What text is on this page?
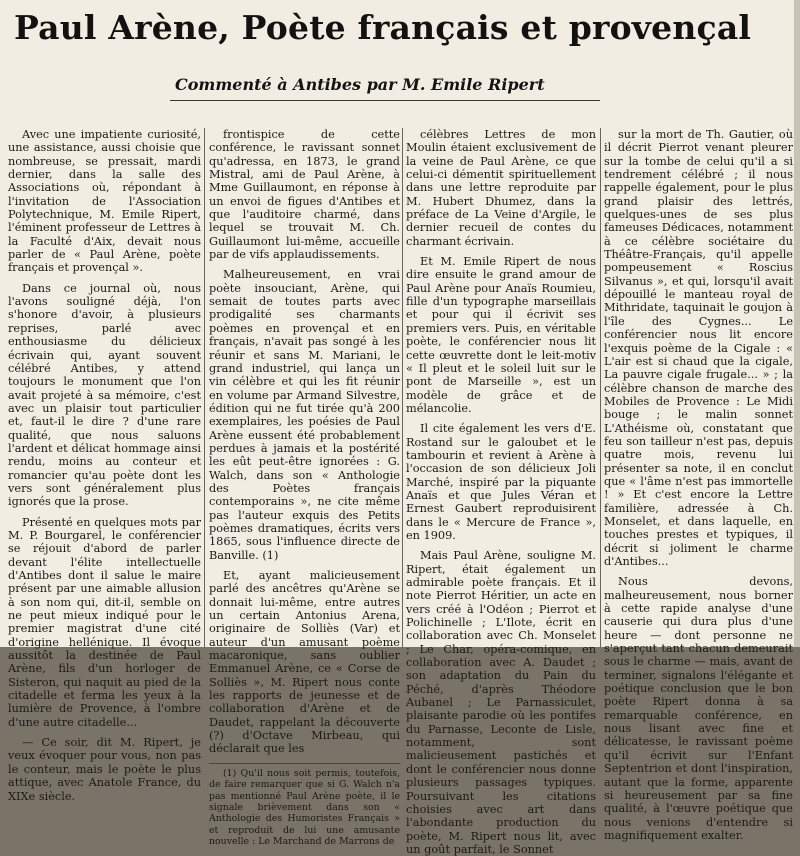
Paul Arène, Poète français et provençal
Commenté à Antibes par M. Emile Ripert

Avec une impatiente curiosité, une assistance, aussi choisie que nombreuse, se pressait, mardi dernier, dans la salle des Associations où, répondant à l'invitation de l'Association Polytechnique, M. Emile Ripert, l'éminent professeur de Lettres à la Faculté d'Aix, devait nous parler de « Paul Arène, poète français et provençal ».

Dans ce journal où, nous l'avons souligné déjà, l'on s'honore d'avoir, à plusieurs reprises, parlé avec enthousiasme du délicieux écrivain qui, ayant souvent célébré Antibes, y attend toujours le monument que l'on avait projeté à sa mémoire, c'est avec un plaisir tout particulier et, faut-il le dire ? d'une rare qualité, que nous saluons l'ardent et délicat hommage ainsi rendu, moins au conteur et romancier qu'au poète dont les vers sont généralement plus ignorés que la prose.

Présenté en quelques mots par M. P. Bourgarel, le conférencier se réjouit d'abord de parler devant l'élite intellectuelle d'Antibes dont il salue le maire présent par une aimable allusion à son nom qui, dit-il, semble on ne peut mieux indiqué pour le premier magistrat d'une cité d'origine hellénique. Il évoque aussitôt la destinée de Paul Arène, fils d'un horloger de Sisteron, qui naquit au pied de la citadelle et ferma les yeux à la lumière de Provence, à l'ombre d'une autre citadelle...

— Ce soir, dit M. Ripert, je veux évoquer pour vous, non pas le conteur, mais le poète le plus attique, avec Anatole France, du XIXe siècle.

frontispice de cette conférence, le ravissant sonnet qu'adressa, en 1873, le grand Mistral, ami de Paul Arène, à Mme Guillaumont, en réponse à un envoi de figues d'Antibes et que l'auditoire charmé, dans lequel se trouvait M. Ch. Guillaumont lui-même, accueille par de vifs applaudissements.

Malheureusement, en vrai poète insouciant, Arène, qui semait de toutes parts avec prodigalité ses charmants poèmes en provençal et en français, n'avait pas songé à les réunir et sans M. Mariani, le grand industriel, qui lança un vin célèbre et qui les fit réunir en volume par Armand Silvestre, édition qui ne fut tirée qu'à 200 exemplaires, les poésies de Paul Arène eussent été probablement perdues à jamais et la postérité les eût peut-être ignorées : G. Walch, dans son « Anthologie des Poètes français contemporains », ne cite même pas l'auteur exquis des Petits poèmes dramatiques, écrits vers 1865, sous l'influence directe de Banville. (1)

Et, ayant malicieusement parlé des ancêtres qu'Arène se donnait lui-même, entre autres un certain Antonius Arena, originaire de Solliès (Var) et auteur d'un amusant poème macaronique, sans oublier Emmanuel Arène, ce « Corse de Solliès », M. Ripert nous conte les rapports de jeunesse et de collaboration d'Arène et de Daudet, rappelant la découverte (?) d'Octave Mirbeau, qui déclarait que les

(1) Qu'il nous soit permis, toutefois, de faire remarquer que si G. Walch n'a pas mentionné Paul Arène poète, il le signale brièvement dans son « Anthologie des Humoristes Français » et reproduit de lui une amusante nouvelle : Le Marchand de Marrons de

célèbres Lettres de mon Moulin étaient exclusivement de la veine de Paul Arène, ce que celui-ci démentit spirituellement dans une lettre reproduite par M. Hubert Dhumez, dans la préface de La Veine d'Argile, le dernier recueil de contes du charmant écrivain.

Et M. Emile Ripert de nous dire ensuite le grand amour de Paul Arène pour Anaïs Roumieu, fille d'un typographe marseillais et pour qui il écrivit ses premiers vers. Puis, en véritable poète, le conférencier nous lit cette œuvrette dont le leit-motiv « Il pleut et le soleil luit sur le pont de Marseille », est un modèle de grâce et de mélancolie.

Il cite également les vers d'E. Rostand sur le galoubet et le tambourin et revient à Arène à l'occasion de son délicieux Joli Marché, inspiré par la piquante Anaïs et que Jules Véran et Ernest Gaubert reproduisirent dans le « Mercure de France », en 1909.

Mais Paul Arène, souligne M. Ripert, était également un admirable poète français. Et il note Pierrot Héritier, un acte en vers créé à l'Odéon ; Pierrot et Polichinelle ; L'Ilote, écrit en collaboration avec Ch. Monselet ; Le Char, opéra-comique, en collaboration avec A. Daudet ; son adaptation du Pain du Péché, d'après Théodore Aubanel ; Le Parnassiculet, plaisante parodie où les pontifes du Parnasse, Leconte de Lisle, notamment, sont malicieusement pastichés et dont le conférencier nous donne plusieurs passages typiques. Poursuivant les citations choisies avec art dans l'abondante production du poète, M. Ripert nous lit, avec un goût parfait, le Sonnet

sur la mort de Th. Gautier, où il décrit Pierrot venant pleurer sur la tombe de celui qu'il a si tendrement célébré ; il nous rappelle également, pour le plus grand plaisir des lettrés, quelques-unes de ses plus fameuses Dédicaces, notamment à ce célèbre sociétaire du Théâtre-Français, qu'il appelle pompeusement « Roscius Silvanus », et qui, lorsqu'il avait dépouillé le manteau royal de Mithridate, taquinait le goujon à l'île des Cygnes... Le conférencier nous lit encore l'exquis poème de la Cigale : « L'air est si chaud que la cigale, La pauvre cigale frugale... » ; la célèbre chanson de marche des Mobiles de Provence : Le Midi bouge ; le malin sonnet L'Athéisme où, constatant que feu son tailleur n'est pas, depuis quatre mois, revenu lui présenter sa note, il en conclut que « l'âme n'est pas immortelle ! » Et c'est encore la Lettre familière, adressée à Ch. Monselet, et dans laquelle, en touches prestes et typiques, il décrit si joliment le charme d'Antibes...

Nous devons, malheureusement, nous borner à cette rapide analyse d'une causerie qui dura plus d'une heure — dont personne ne s'aperçut tant chacun demeurait sous le charme — mais, avant de terminer, signalons l'élégante et poétique conclusion que le bon poète Ripert donna à sa remarquable conférence, en nous lisant avec fine et délicatesse, le ravissant poème qu'il écrivit sur l'Enfant Septentrion et dont l'inspiration, autant que la forme, apparente si heureusement par sa fine qualité, à l'œuvre poétique que nous venions d'entendre si magnifiquement exalter.
